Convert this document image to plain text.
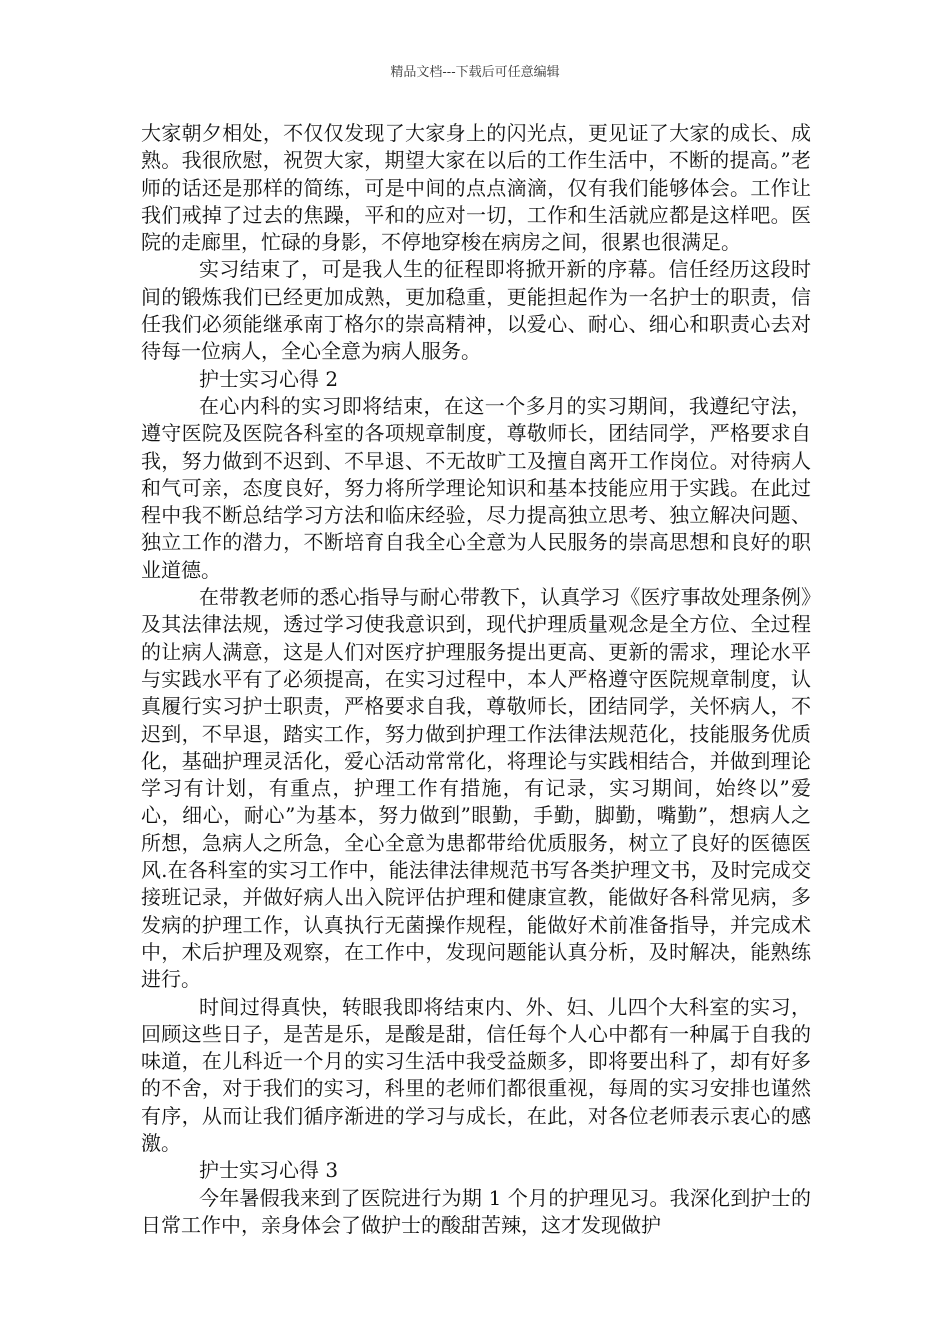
精品文档---下载后可任意编辑

大家朝夕相处，不仅仅发现了大家身上的闪光点，更见证了大家的成长、成熟。我很欣慰，祝贺大家，期望大家在以后的工作生活中，不断的提高。”老师的话还是那样的简练，可是中间的点点滴滴，仅有我们能够体会。工作让我们戒掉了过去的焦躁，平和的应对一切，工作和生活就应都是这样吧。医院的走廊里，忙碌的身影，不停地穿梭在病房之间，很累也很满足。

实习结束了，可是我人生的征程即将掀开新的序幕。信任经历这段时间的锻炼我们已经更加成熟，更加稳重，更能担起作为一名护士的职责，信任我们必须能继承南丁格尔的崇高精神，以爱心、耐心、细心和职责心去对待每一位病人，全心全意为病人服务。

护士实习心得 2

在心内科的实习即将结束，在这一个多月的实习期间，我遵纪守法，遵守医院及医院各科室的各项规章制度，尊敬师长，团结同学，严格要求自我，努力做到不迟到、不早退、不无故旷工及擅自离开工作岗位。对待病人和气可亲，态度良好，努力将所学理论知识和基本技能应用于实践。在此过程中我不断总结学习方法和临床经验，尽力提高独立思考、独立解决问题、独立工作的潜力，不断培育自我全心全意为人民服务的崇高思想和良好的职业道德。

在带教老师的悉心指导与耐心带教下，认真学习《医疗事故处理条例》及其法律法规，透过学习使我意识到，现代护理质量观念是全方位、全过程的让病人满意，这是人们对医疗护理服务提出更高、更新的需求，理论水平与实践水平有了必须提高，在实习过程中，本人严格遵守医院规章制度，认真履行实习护士职责，严格要求自我，尊敬师长，团结同学，关怀病人，不迟到，不早退，踏实工作，努力做到护理工作法律法规范化，技能服务优质化，基础护理灵活化，爱心活动常常化，将理论与实践相结合，并做到理论学习有计划，有重点，护理工作有措施，有记录，实习期间，始终以”爱心，细心，耐心”为基本，努力做到”眼勤，手勤，脚勤，嘴勤”，想病人之所想，急病人之所急，全心全意为患都带给优质服务，树立了良好的医德医风.在各科室的实习工作中，能法律法律规范书写各类护理文书，及时完成交接班记录，并做好病人出入院评估护理和健康宣教，能做好各科常见病，多发病的护理工作，认真执行无菌操作规程，能做好术前准备指导，并完成术中，术后护理及观察，在工作中，发现问题能认真分析，及时解决，能熟练进行。

时间过得真快，转眼我即将结束内、外、妇、儿四个大科室的实习，回顾这些日子，是苦是乐，是酸是甜，信任每个人心中都有一种属于自我的味道，在儿科近一个月的实习生活中我受益颇多，即将要出科了，却有好多的不舍，对于我们的实习，科里的老师们都很重视，每周的实习安排也谨然有序，从而让我们循序渐进的学习与成长，在此，对各位老师表示衷心的感激。

护士实习心得 3

今年暑假我来到了医院进行为期 1 个月的护理见习。我深化到护士的日常工作中，亲身体会了做护士的酸甜苦辣，这才发现做护
